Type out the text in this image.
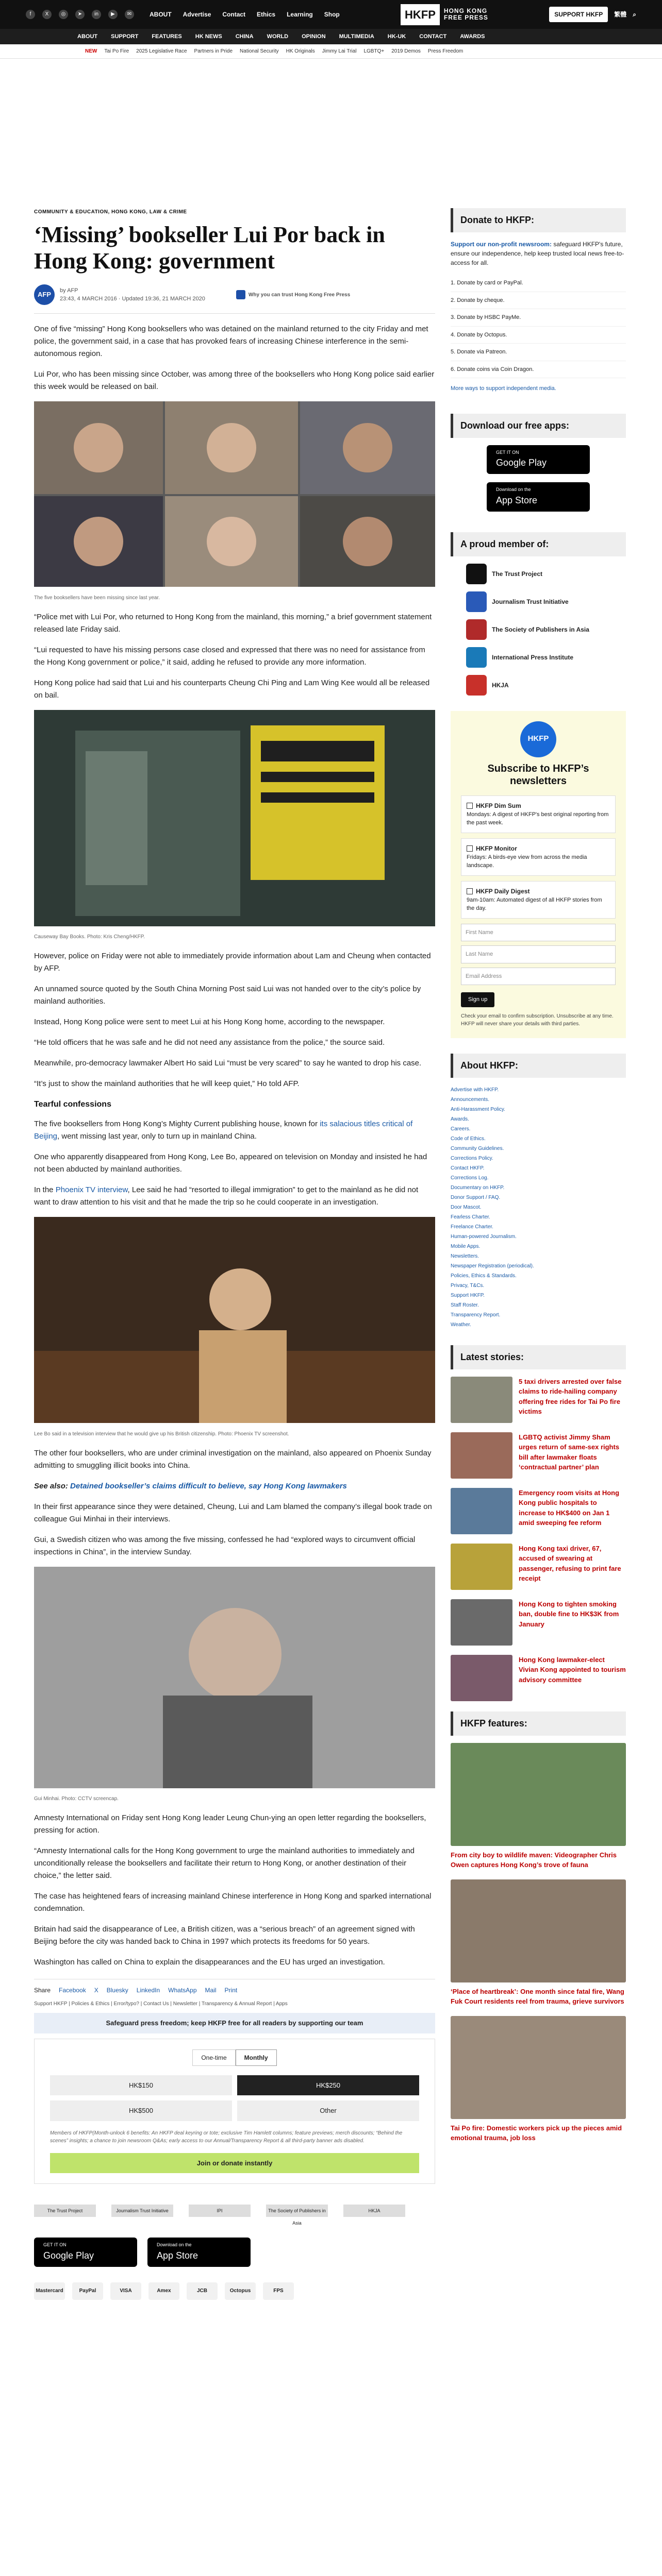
f	X	◎	➤	in	▶	✉	ABOUT Advertise Contact Ethics Learning Shop	HKFP	HONG KONG
FREE PRESS	SUPPORT HKFP	繁體 ⌕
ABOUT SUPPORT FEATURES HK NEWS CHINA WORLD OPINION MULTIMEDIA HK-UK CONTACT AWARDS
NEW Tai Po Fire 2025 Legislative Race Partners in Pride National Security HK Originals Jimmy Lai Trial LGBTQ+ 2019 Demos Press Freedom
COMMUNITY & EDUCATION, HONG KONG, LAW & CRIME
‘Missing’ bookseller Lui Por back in Hong Kong: government
AFP
by AFP
23:43, 4 MARCH 2016 · Updated 19:36, 21 MARCH 2020
Why you can trust Hong Kong Free Press

One of five “missing” Hong Kong booksellers who was detained on the mainland returned to the city Friday and met police, the government said, in a case that has provoked fears of increasing Chinese interference in the semi-autonomous region.

Lui Por, who has been missing since October, was among three of the booksellers who Hong Kong police said earlier this week would be released on bail.

The five booksellers have been missing since last year.

“Police met with Lui Por, who returned to Hong Kong from the mainland, this morning,” a brief government statement released late Friday said.

“Lui requested to have his missing persons case closed and expressed that there was no need for assistance from the Hong Kong government or police,” it said, adding he refused to provide any more information.

Hong Kong police had said that Lui and his counterparts Cheung Chi Ping and Lam Wing Kee would all be released on bail.

Causeway Bay Books. Photo: Kris Cheng/HKFP.

However, police on Friday were not able to immediately provide information about Lam and Cheung when contacted by AFP.

An unnamed source quoted by the South China Morning Post said Lui was not handed over to the city’s police by mainland authorities.

Instead, Hong Kong police were sent to meet Lui at his Hong Kong home, according to the newspaper.

“He told officers that he was safe and he did not need any assistance from the police,” the source said.

Meanwhile, pro-democracy lawmaker Albert Ho said Lui “must be very scared” to say he wanted to drop his case.

“It’s just to show the mainland authorities that he will keep quiet,” Ho told AFP.

Tearful confessions

The five booksellers from Hong Kong’s Mighty Current publishing house, known for its salacious titles critical of Beijing, went missing last year, only to turn up in mainland China.

One who apparently disappeared from Hong Kong, Lee Bo, appeared on television on Monday and insisted he had not been abducted by mainland authorities.

In the Phoenix TV interview, Lee said he had “resorted to illegal immigration” to get to the mainland as he did not want to draw attention to his visit and that he made the trip so he could cooperate in an investigation.

Lee Bo said in a television interview that he would give up his British citizenship. Photo: Phoenix TV screenshot.

The other four booksellers, who are under criminal investigation on the mainland, also appeared on Phoenix Sunday admitting to smuggling illicit books into China.

See also: Detained bookseller’s claims difficult to believe, say Hong Kong lawmakers

In their first appearance since they were detained, Cheung, Lui and Lam blamed the company’s illegal book trade on colleague Gui Minhai in their interviews.

Gui, a Swedish citizen who was among the five missing, confessed he had “explored ways to circumvent official inspections in China”, in the interview Sunday.

Gui Minhai. Photo: CCTV screencap.

Amnesty International on Friday sent Hong Kong leader Leung Chun-ying an open letter regarding the booksellers, pressing for action.

“Amnesty International calls for the Hong Kong government to urge the mainland authorities to immediately and unconditionally release the booksellers and facilitate their return to Hong Kong, or another destination of their choice,” the letter said.

The case has heightened fears of increasing mainland Chinese interference in Hong Kong and sparked international condemnation.

Britain had said the disappearance of Lee, a British citizen, was a “serious breach” of an agreement signed with Beijing before the city was handed back to China in 1997 which protects its freedoms for 50 years.

Washington has called on China to explain the disappearances and the EU has urged an investigation.

Share Facebook X Bluesky LinkedIn WhatsApp Mail Print
Support HKFP | Policies & Ethics | Error/typo? | Contact Us | Newsletter | Transparency & Annual Report | Apps
Safeguard press freedom; keep HKFP free for all readers by supporting our team
One-time	Monthly
HK$150	HK$250
HK$500	Other
Members of HKFP(Month-unlock 6 benefits: An HKFP deal keyring or tote; exclusive Tim Hamlett columns; feature previews; merch discounts; “Behind the scenes” insights; a chance to join newsroom Q&As; early access to our Annual/Transparency Report & all third-party banner ads disabled.
Join or donate instantly
The Trust Project	Journalism Trust Initiative	IPI	The Society of Publishers in Asia
HKJA
GET IT ON
Google Play
Download on the
App Store
Mastercard	PayPal	VISA	Amex	JCB	Octopus	FPS
Donate to HKFP:
Support our non-profit newsroom: safeguard HKFP's future, ensure our independence, help keep trusted local news free-to-access for all.
1. Donate by card or PayPal.
2. Donate by cheque.
3. Donate by HSBC PayMe.
4. Donate by Octopus.
5. Donate via Patreon.
6. Donate coins via Coin Dragon.
More ways to support independent media.
Download our free apps:
GET IT ON
Google Play
Download on the
App Store
A proud member of:
The Trust Project
Journalism Trust Initiative
The Society of Publishers in Asia
International Press Institute
HKJA
HKFP
Subscribe to HKFP’s newsletters
HKFP Dim Sum
Mondays: A digest of HKFP's best original reporting from the past week.
HKFP Monitor
Fridays: A birds-eye view from across the media landscape.
HKFP Daily Digest
9am-10am: Automated digest of all HKFP stories from the day.
First Name
Last Name
Email Address
Sign up
Check your email to confirm subscription. Unsubscribe at any time. HKFP will never share your details with third parties.
About HKFP:
Advertise with HKFP.
Announcements.
Anti-Harassment Policy.
Awards.
Careers.
Code of Ethics.
Community Guidelines.
Corrections Policy.
Contact HKFP.
Corrections Log.
Documentary on HKFP.
Donor Support / FAQ.
Door Mascot.
Fearless Charter.
Freelance Charter.
Human-powered Journalism.
Mobile Apps.
Newsletters.
Newspaper Registration (periodical).
Policies, Ethics & Standards.
Privacy, T&Cs.
Support HKFP.
Staff Roster.
Transparency Report.
Weather.
Latest stories:
5 taxi drivers arrested over false claims to ride-hailing company offering free rides for Tai Po fire victims
LGBTQ activist Jimmy Sham urges return of same-sex rights bill after lawmaker floats ‘contractual partner’ plan
Emergency room visits at Hong Kong public hospitals to increase to HK$400 on Jan 1 amid sweeping fee reform
Hong Kong taxi driver, 67, accused of swearing at passenger, refusing to print fare receipt
Hong Kong to tighten smoking ban, double fine to HK$3K from January
Hong Kong lawmaker-elect Vivian Kong appointed to tourism advisory committee
HKFP features:
From city boy to wildlife maven: Videographer Chris Owen captures Hong Kong’s trove of fauna
‘Place of heartbreak’: One month since fatal fire, Wang Fuk Court residents reel from trauma, grieve survivors
Tai Po fire: Domestic workers pick up the pieces amid emotional trauma, job loss
